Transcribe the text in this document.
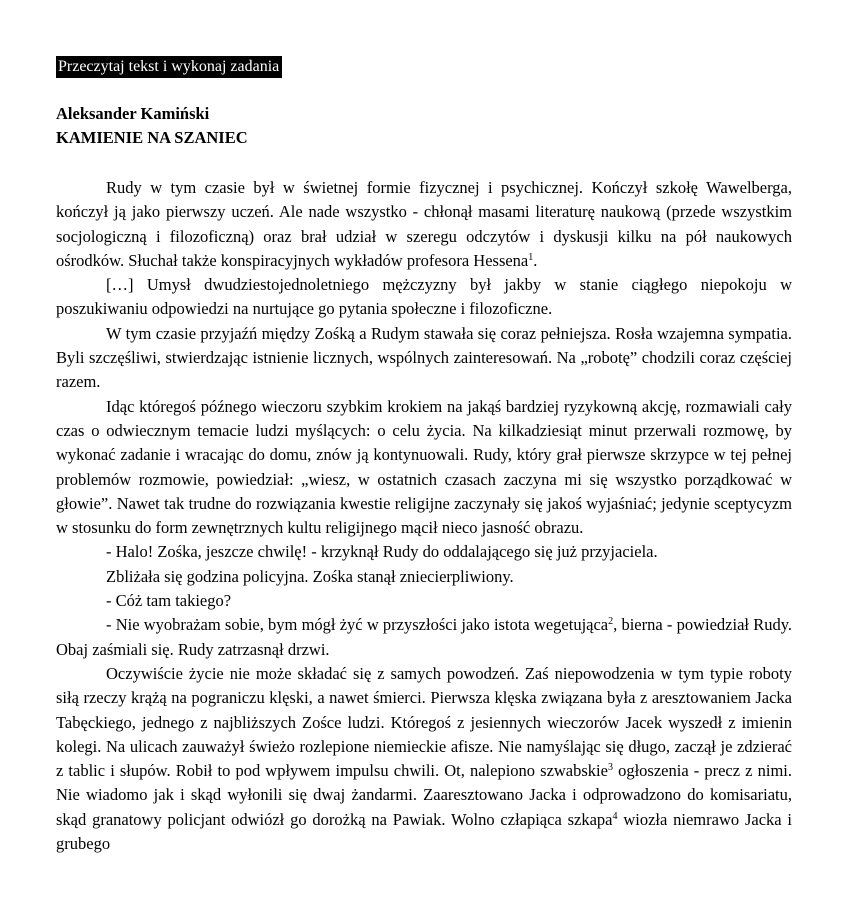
Przeczytaj tekst i wykonaj zadania
Aleksander Kamiński
KAMIENIE NA SZANIEC

Rudy w tym czasie był w świetnej formie fizycznej i psychicznej. Kończył szkołę Wawelberga, kończył ją jako pierwszy uczeń. Ale nade wszystko - chłonął masami literaturę naukową (przede wszystkim socjologiczną i filozoficzną) oraz brał udział w szeregu odczytów i dyskusji kilku na pół naukowych ośrodków. Słuchał także konspiracyjnych wykładów profesora Hessena$^1$.

[…] Umysł dwudziestojednoletniego mężczyzny był jakby w stanie ciągłego niepokoju w poszukiwaniu odpowiedzi na nurtujące go pytania społeczne i filozoficzne.

W tym czasie przyjaźń między Zośką a Rudym stawała się coraz pełniejsza. Rosła wzajemna sympatia. Byli szczęśliwi, stwierdzając istnienie licznych, wspólnych zainteresowań. Na „robotę” chodzili coraz częściej razem.

Idąc któregoś późnego wieczoru szybkim krokiem na jakąś bardziej ryzykowną akcję, rozmawiali cały czas o odwiecznym temacie ludzi myślących: o celu życia. Na kilkadziesiąt minut przerwali rozmowę, by wykonać zadanie i wracając do domu, znów ją kontynuowali. Rudy, który grał pierwsze skrzypce w tej pełnej problemów rozmowie, powiedział: „wiesz, w ostatnich czasach zaczyna mi się wszystko porządkować w głowie”. Nawet tak trudne do rozwiązania kwestie religijne zaczynały się jakoś wyjaśniać; jedynie sceptycyzm w stosunku do form zewnętrznych kultu religijnego mącił nieco jasność obrazu.

- Halo! Zośka, jeszcze chwilę! - krzyknął Rudy do oddalającego się już przyjaciela.

Zbliżała się godzina policyjna. Zośka stanął zniecierpliwiony.

- Cóż tam takiego?

- Nie wyobrażam sobie, bym mógł żyć w przyszłości jako istota wegetująca$^2$, bierna - powiedział Rudy. Obaj zaśmiali się. Rudy zatrzasnął drzwi.

Oczywiście życie nie może składać się z samych powodzeń. Zaś niepowodzenia w tym typie roboty siłą rzeczy krążą na pograniczu klęski, a nawet śmierci. Pierwsza klęska związana była z aresztowaniem Jacka Tabęckiego, jednego z najbliższych Zośce ludzi. Któregoś z jesiennych wieczorów Jacek wyszedł z imienin kolegi. Na ulicach zauważył świeżo rozlepione niemieckie afisze. Nie namyślając się długo, zaczął je zdzierać z tablic i słupów. Robił to pod wpływem impulsu chwili. Ot, nalepiono szwabskie$^3$ ogłoszenia - precz z nimi. Nie wiadomo jak i skąd wyłonili się dwaj żandarmi. Zaaresztowano Jacka i odprowadzono do komisariatu, skąd granatowy policjant odwiózł go dorożką na Pawiak. Wolno człapiąca szkapa$^4$ wiozła niemrawo Jacka i grubego
